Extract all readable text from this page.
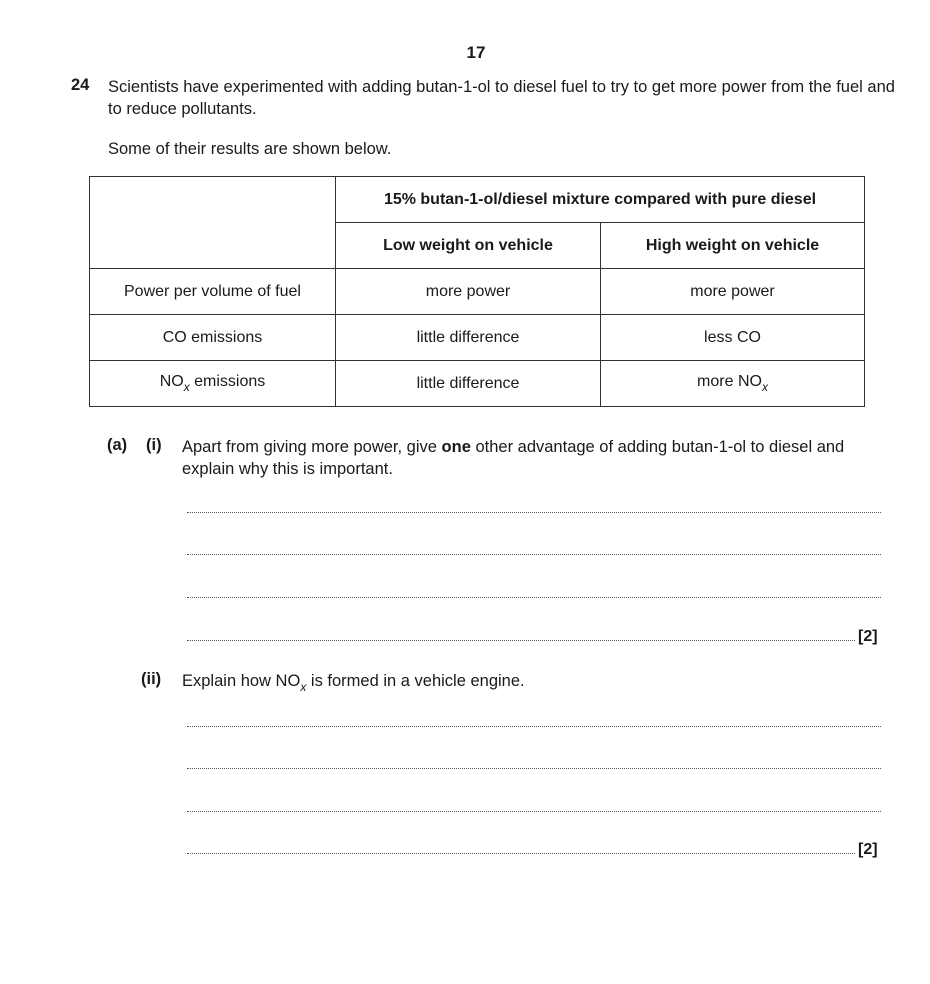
17
24 Scientists have experimented with adding butan-1-ol to diesel fuel to try to get more power from the fuel and to reduce pollutants.
Some of their results are shown below.
	15% butan-1-ol/diesel mixture compared with pure diesel	
	Low weight on vehicle	High weight on vehicle
Power per volume of fuel	more power	more power
CO emissions	little difference	less CO
$NO_x$ emissions	little difference	more $NO_x$
(a) (i) Apart from giving more power, give one other advantage of adding butan-1-ol to diesel and explain why this is important.
[2]
(ii) Explain how $NO_x$ is formed in a vehicle engine.
[2]
